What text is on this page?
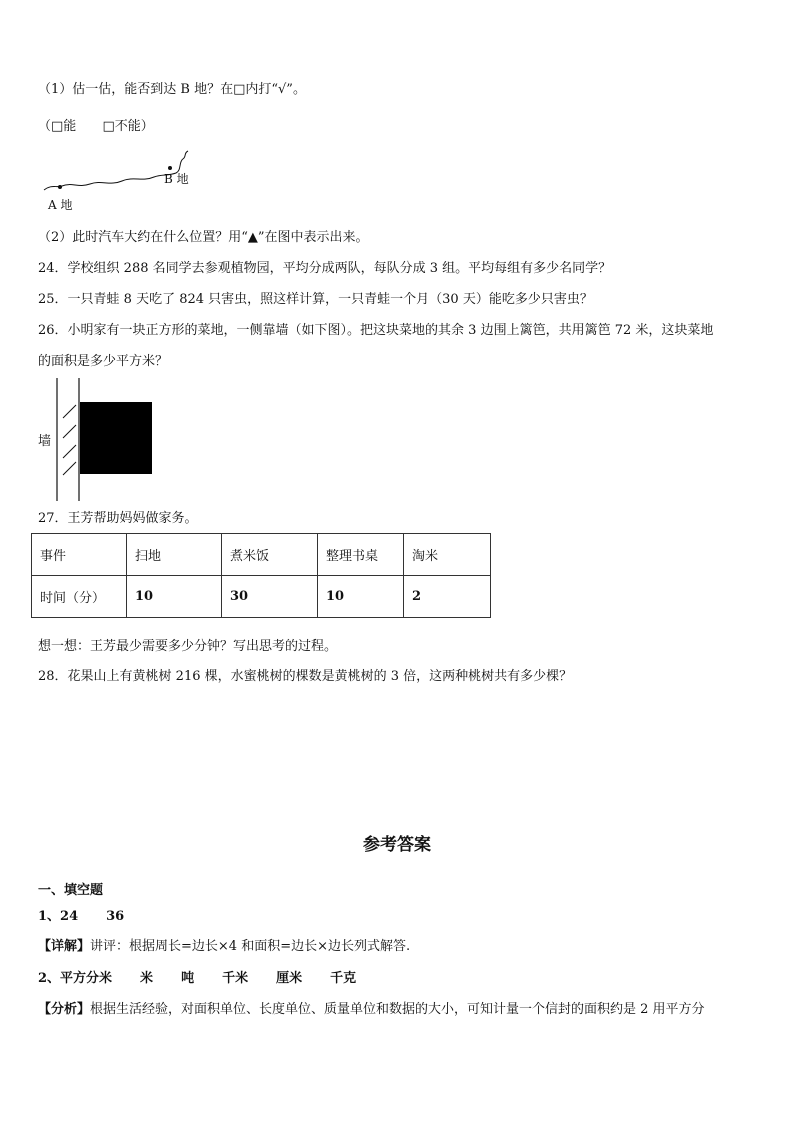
（1）估一估，能否到达 B 地？在□内打“√”。
（□能 □不能）
A 地
B 地
（2）此时汽车大约在什么位置？用“▲”在图中表示出来。
24．学校组织 288 名同学去参观植物园，平均分成两队，每队分成 3 组。平均每组有多少名同学？
25．一只青蛙 8 天吃了 824 只害虫，照这样计算，一只青蛙一个月（30 天）能吃多少只害虫？
26．小明家有一块正方形的菜地，一侧靠墙（如下图）。把这块菜地的其余 3 边围上篱笆，共用篱笆 72 米，这块菜地
的面积是多少平方米？
墙
27．王芳帮助妈妈做家务。
事件	扫地	煮米饭	整理书桌	淘米
时间（分）	10	30	10	2
想一想：王芳最少需要多少分钟？写出思考的过程。
28．花果山上有黄桃树 216 棵，水蜜桃树的棵数是黄桃树的 3 倍，这两种桃树共有多少棵？
参考答案
一、填空题
1、24 36
【详解】讲评：根据周长=边长×4 和面积=边长×边长列式解答.
2、平方分米 米 吨 千米 厘米 千克
【分析】根据生活经验，对面积单位、长度单位、质量单位和数据的大小，可知计量一个信封的面积约是 2 用平方分
